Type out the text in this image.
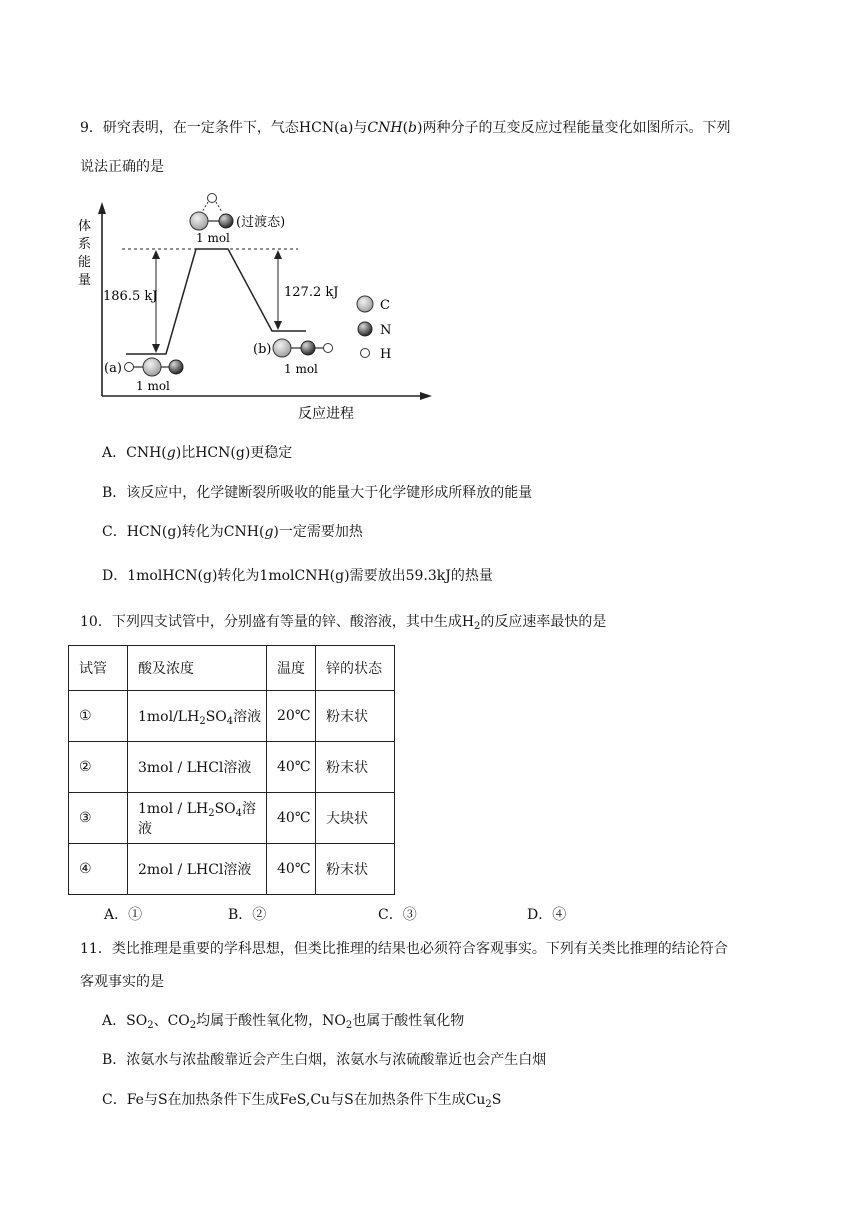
9．研究表明，在一定条件下，气态HCN(a)与CNH(b)两种分子的互变反应过程能量变化如图所示。下列
说法正确的是
体
系
能
量
反应进程
186.5 kJ	127.2 kJ
(过渡态)
1 mol
(a)
1 mol
(b)
1 mol
C
N
H
A．CNH(g)比HCN(g)更稳定
B．该反应中，化学键断裂所吸收的能量大于化学键形成所释放的能量
C．HCN(g)转化为CNH(g)一定需要加热
D．1molHCN(g)转化为1molCNH(g)需要放出59.3kJ的热量
10．下列四支试管中，分别盛有等量的锌、酸溶液，其中生成$H_2$的反应速率最快的是
试管	酸及浓度	温度	锌的状态
①	$1mol/LH_2SO_4$溶液	20℃	粉末状
②	3mol / LHCl溶液	40℃	粉末状
③	$1mol / LH_2SO_4$溶液	40℃	大块状
④	2mol / LHCl溶液	40℃	粉末状
A．①	B．②	C．③	D．④
11．类比推理是重要的学科思想，但类比推理的结果也必须符合客观事实。下列有关类比推理的结论符合
客观事实的是
A．$SO_2$、$CO_2$均属于酸性氧化物，$NO_2$也属于酸性氧化物
B．浓氨水与浓盐酸靠近会产生白烟，浓氨水与浓硫酸靠近也会产生白烟
C．Fe与S在加热条件下生成FeS,Cu与S在加热条件下生成$Cu_2S$
